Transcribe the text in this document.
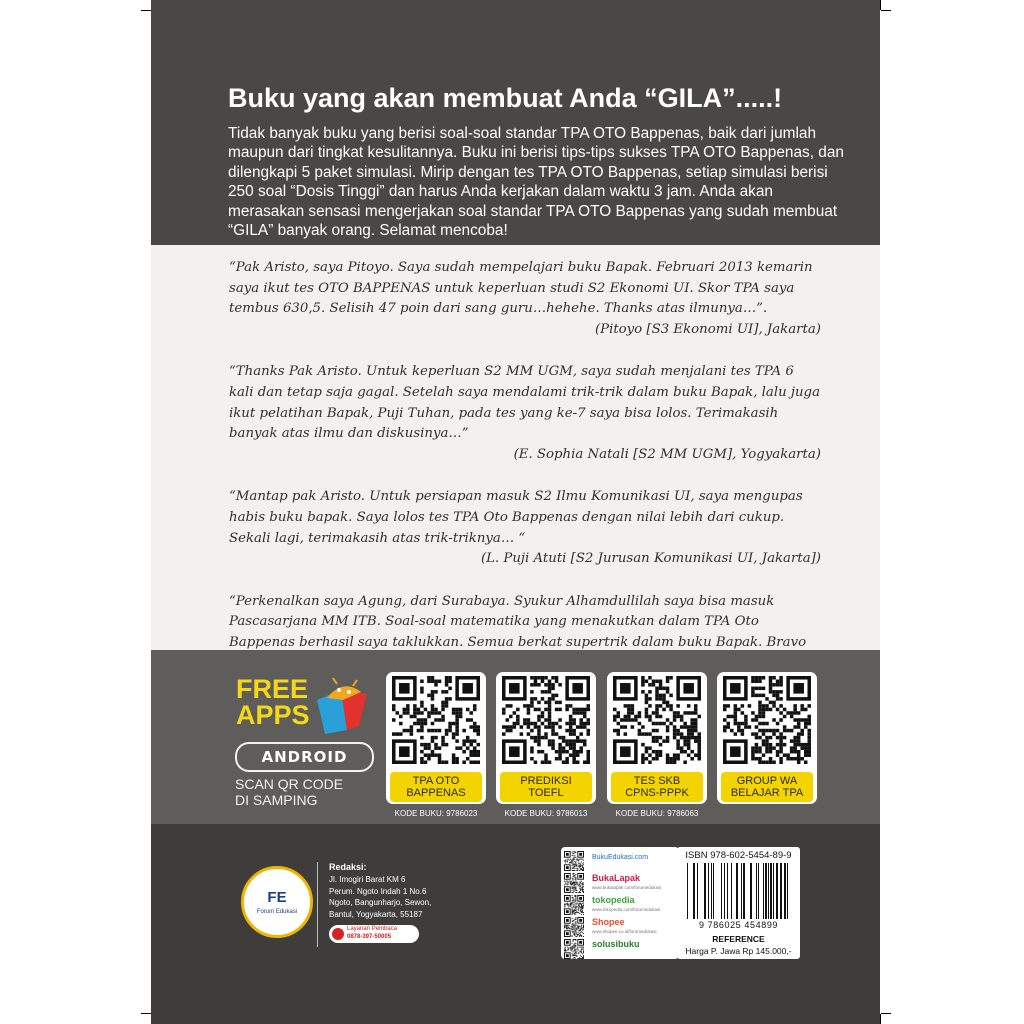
Buku yang akan membuat Anda “GILA”.....!

Tidak banyak buku yang berisi soal-soal standar TPA OTO Bappenas, baik dari jumlah maupun dari tingkat kesulitannya. Buku ini berisi tips-tips sukses TPA OTO Bappenas, dan dilengkapi 5 paket simulasi. Mirip dengan tes TPA OTO Bappenas, setiap simulasi berisi 250 soal “Dosis Tinggi” dan harus Anda kerjakan dalam waktu 3 jam. Anda akan merasakan sensasi mengerjakan soal standar TPA OTO Bappenas yang sudah membuat “GILA” banyak orang. Selamat mencoba!

“Pak Aristo, saya Pitoyo. Saya sudah mempelajari buku Bapak. Februari 2013 kemarin saya ikut tes OTO BAPPENAS untuk keperluan studi S2 Ekonomi UI. Skor TPA saya tembus 630,5. Selisih 47 poin dari sang guru…hehehe. Thanks atas ilmunya…”.

(Pitoyo [S3 Ekonomi UI], Jakarta)

“Thanks Pak Aristo. Untuk keperluan S2 MM UGM, saya sudah menjalani tes TPA 6 kali dan tetap saja gagal. Setelah saya mendalami trik-trik dalam buku Bapak, lalu juga ikut pelatihan Bapak, Puji Tuhan, pada tes yang ke-7 saya bisa lolos. Terimakasih banyak atas ilmu dan diskusinya…”

(E. Sophia Natali [S2 MM UGM], Yogyakarta)

“Mantap pak Aristo. Untuk persiapan masuk S2 Ilmu Komunikasi UI, saya mengupas habis buku bapak. Saya lolos tes TPA Oto Bappenas dengan nilai lebih dari cukup. Sekali lagi, terimakasih atas trik-triknya… “

(L. Puji Atuti [S2 Jurusan Komunikasi UI, Jakarta])

“Perkenalkan saya Agung, dari Surabaya. Syukur Alhamdullilah saya bisa masuk Pascasarjana MM ITB. Soal-soal matematika yang menakutkan dalam TPA Oto Bappenas berhasil saya taklukkan. Semua berkat supertrik dalam buku Bapak. Bravo

FREE
APPS

ANDROID

SCAN QR CODE
DI SAMPING

TPA OTO
BAPPENAS
PREDIKSI
TOEFL
TES SKB
CPNS-PPPK
GROUP WA
BELAJAR TPA

KODE BUKU: 9786023	KODE BUKU: 9786013	KODE BUKU: 9786063

FE
Forum Edukasi

Redaksi:

Jl. Imogiri Barat KM 6

Perum. Ngoto Indah 1 No.6

Ngoto, Bangunharjo, Sewon,

Bantul, Yogyakarta, 55187

Layanan Pembaca
0878-397-50005
BukuEdukasi.com
BukaLapak
www.bukalapak.com/forumedukasi
tokopedia
www.tokopedia.com/forumedukasi
Shopee
www.shopee.co.id/forumedukasi
solusibuku
ISBN 978-602-5454-89-9
9 786025 454899
REFERENCE
Harga P. Jawa Rp 145.000,-
